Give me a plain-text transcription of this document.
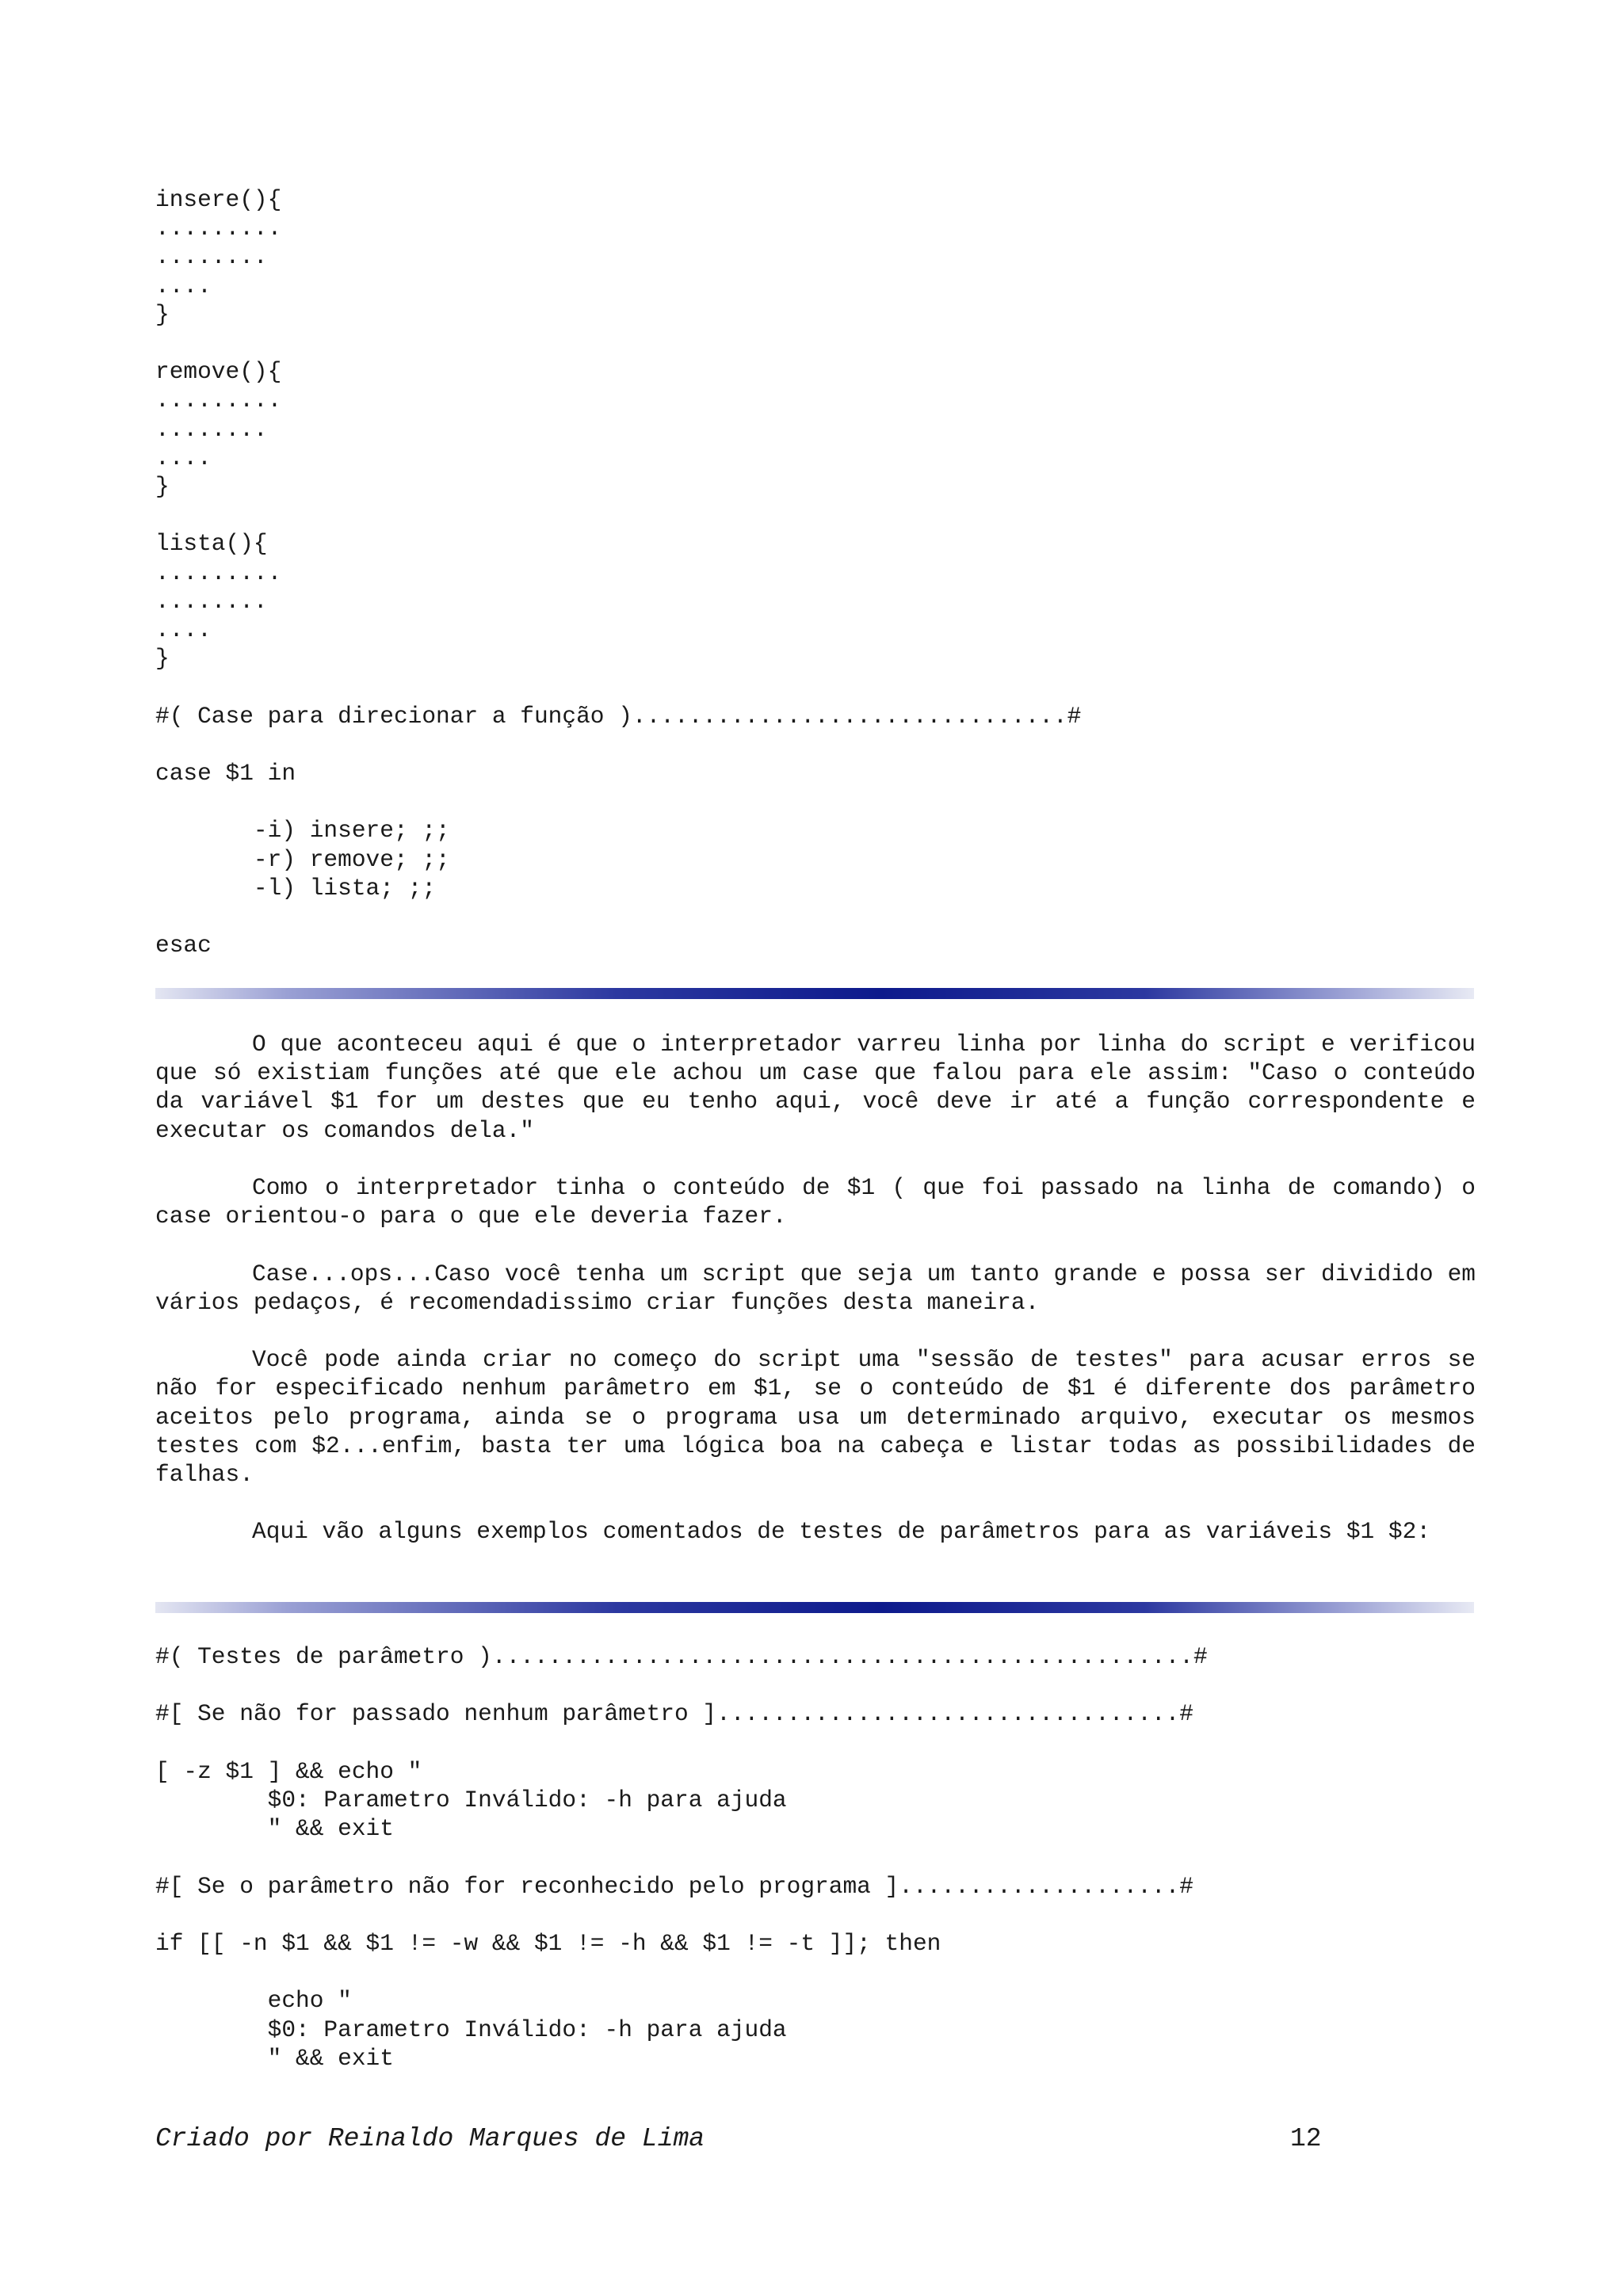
insere(){
.........
........
....
}

remove(){
.........
........
....
}

lista(){
.........
........
....
}

#( Case para direcionar a função )...............................#

case $1 in

-i) insere; ;;
-r) remove; ;;
-l) lista; ;;

esac

O que aconteceu aqui é que o interpretador varreu linha por linha do script e verificou que só existiam funções até que ele achou um case que falou para ele assim: "Caso o conteúdo da variável $1 for um destes que eu tenho aqui, você deve ir até a função correspondente e executar os comandos dela."

Como o interpretador tinha o conteúdo de $1 ( que foi passado na linha de comando) o case orientou-o para o que ele deveria fazer.

Case...ops...Caso você tenha um script que seja um tanto grande e possa ser dividido em vários pedaços, é recomendadissimo criar funções desta maneira.

Você pode ainda criar no começo do script uma "sessão de testes" para acusar erros se não for especificado nenhum parâmetro em $1, se o conteúdo de $1 é diferente dos parâmetro aceitos pelo programa, ainda se o programa usa um determinado arquivo, executar os mesmos testes com $2...enfim, basta ter uma lógica boa na cabeça e listar todas as possibilidades de falhas.

Aqui vão alguns exemplos comentados de testes de parâmetros para as variáveis $1 $2:

#( Testes de parâmetro )..................................................#

#[ Se não for passado nenhum parâmetro ].................................#

[ -z $1 ] && echo "
$0: Parametro Inválido: -h para ajuda
" && exit

#[ Se o parâmetro não for reconhecido pelo programa ]....................#

if [[ -n $1 && $1 != -w && $1 != -h && $1 != -t ]]; then

echo "
$0: Parametro Inválido: -h para ajuda
" && exit

Criado por Reinaldo Marques de Lima	12
